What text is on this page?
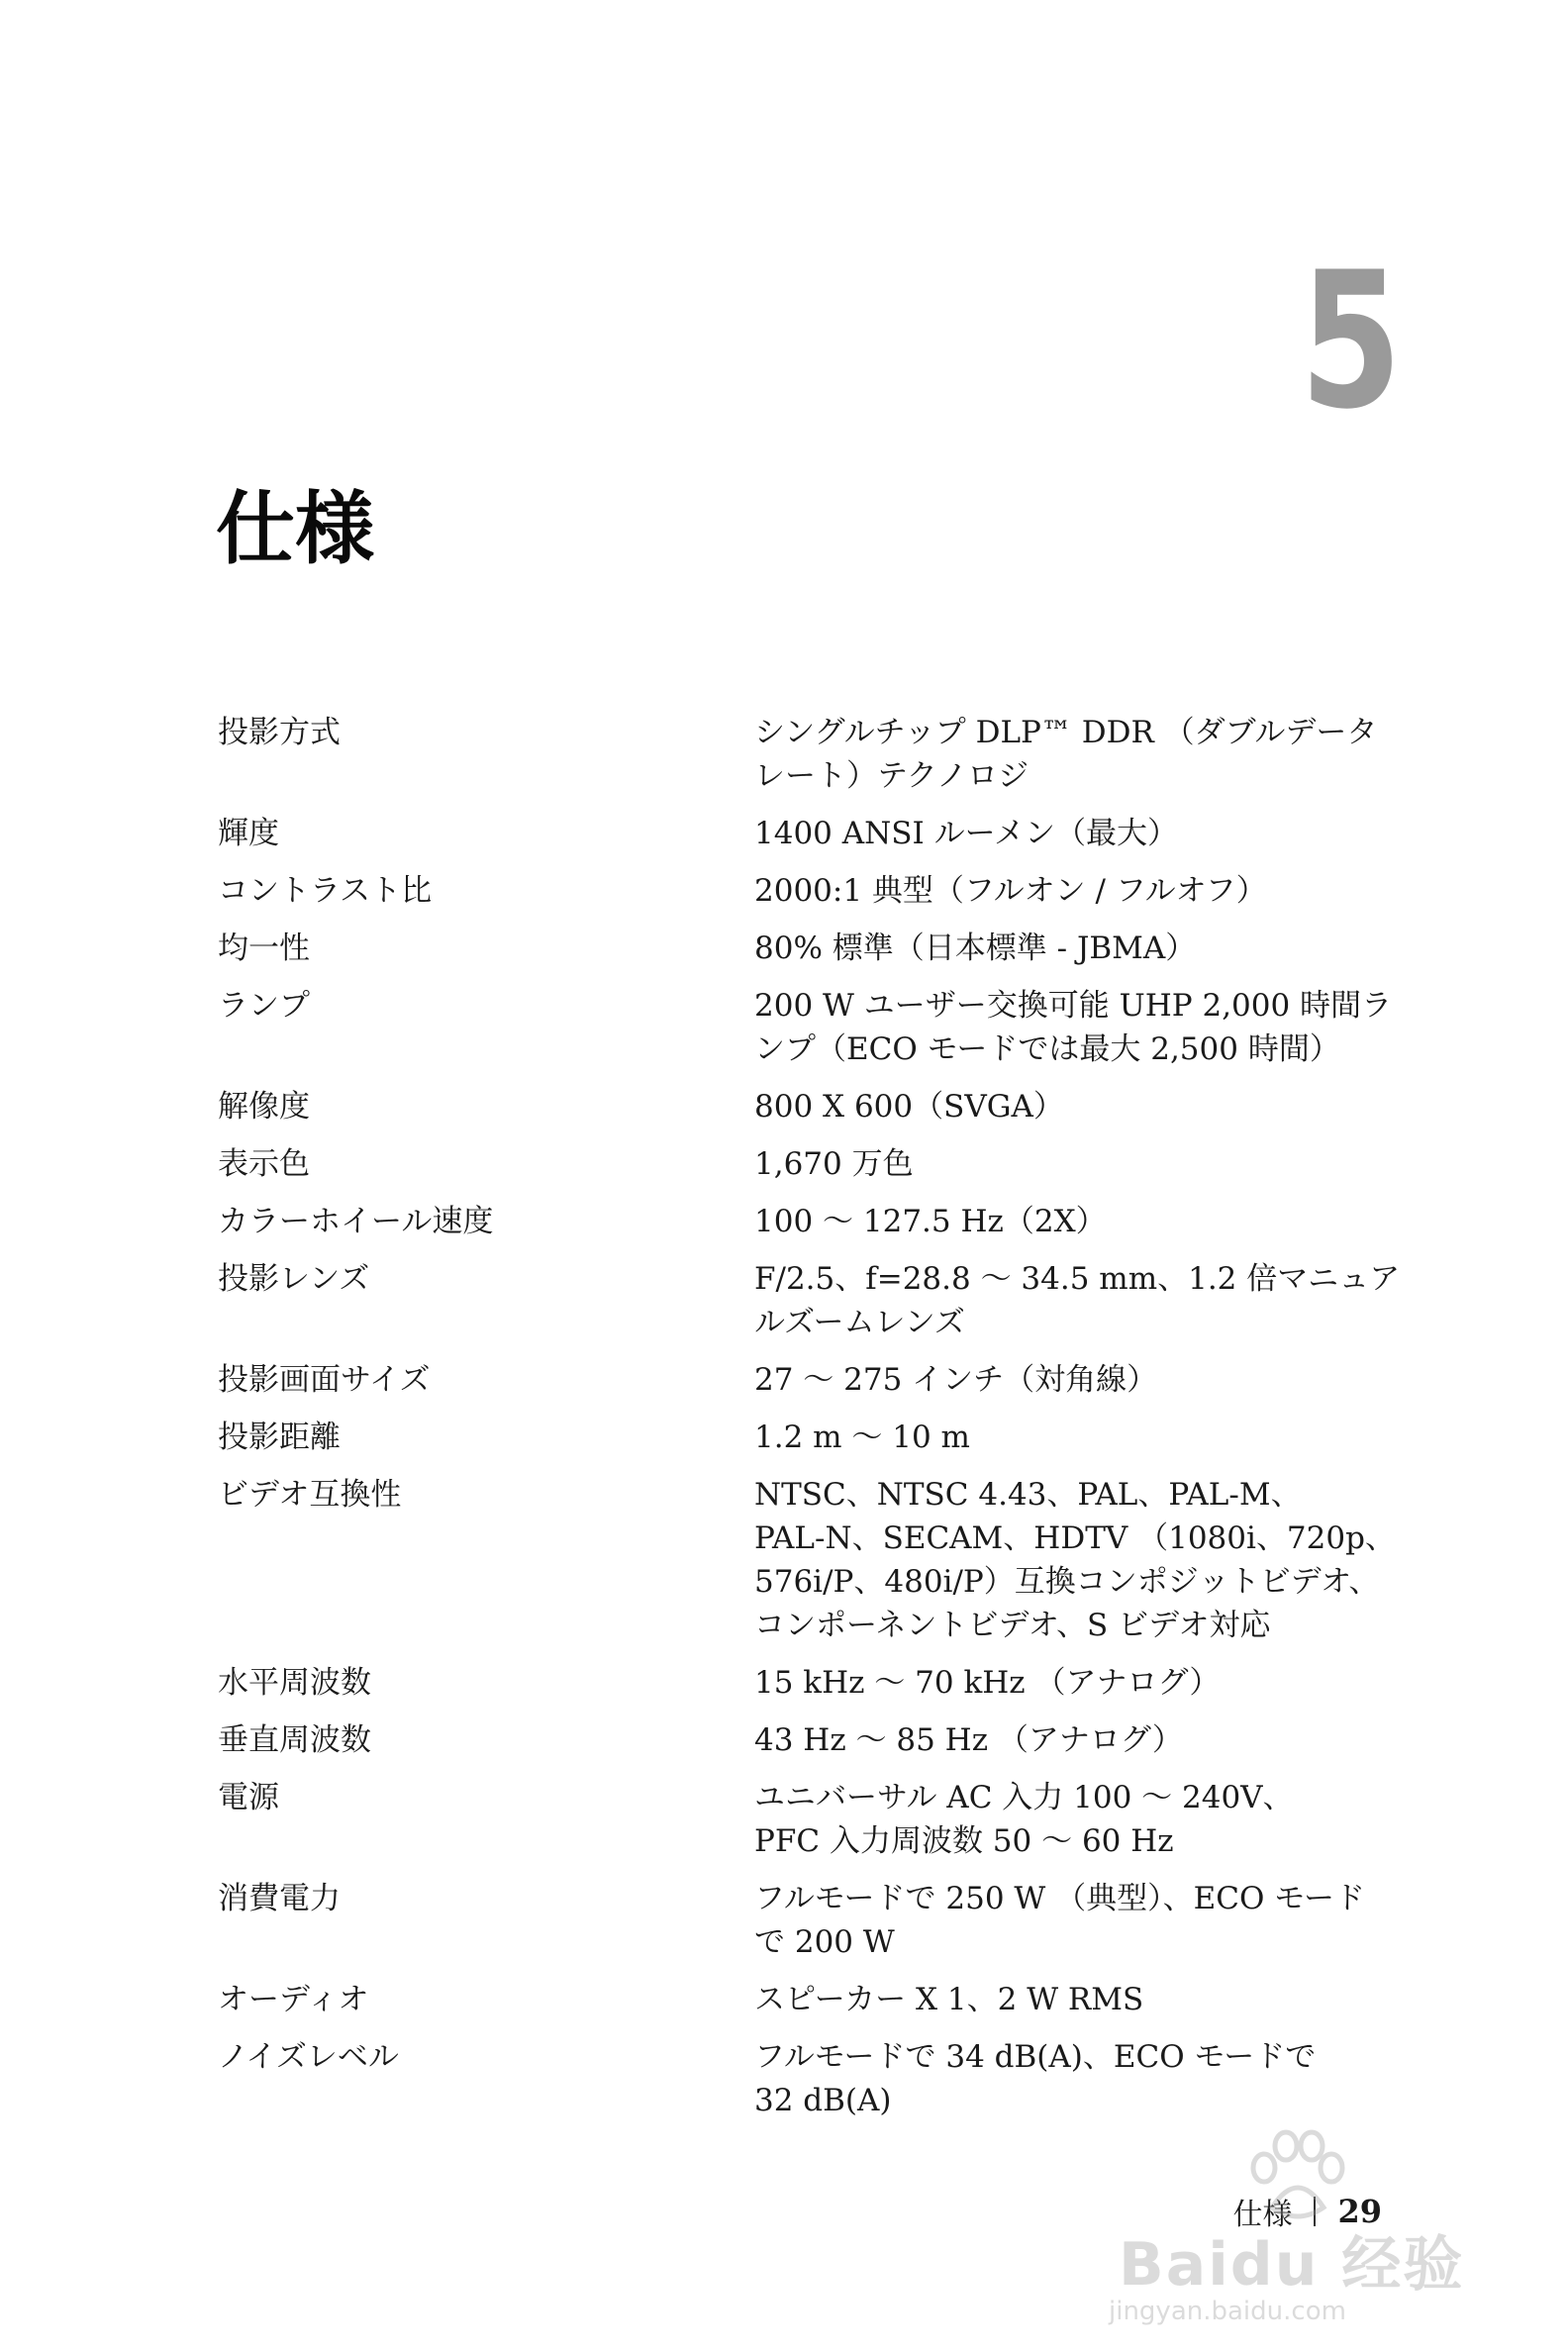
5
仕様
投影方式	シングルチップ DLP™ DDR （ダブルデータ
レート）テクノロジ
輝度	1400 ANSI ルーメン（最大）
コントラスト比	2000:1 典型（フルオン / フルオフ）
均一性	80% 標準（日本標準 - JBMA）
ランプ	200 W ユーザー交換可能 UHP 2,000 時間ラ
ンプ（ECO モードでは最大 2,500 時間）
解像度	800 X 600（SVGA）
表示色	1,670 万色
カラーホイール速度	100 ～ 127.5 Hz（2X）
投影レンズ	F/2.5、f=28.8 ～ 34.5 mm、1.2 倍マニュア
ルズームレンズ
投影画面サイズ	27 ～ 275 インチ（対角線）
投影距離	1.2 m ～ 10 m
ビデオ互換性	NTSC、NTSC 4.43、PAL、PAL-M、
PAL-N、SECAM、HDTV （1080i、720p、
576i/P、480i/P）互換コンポジットビデオ、
コンポーネントビデオ、S ビデオ対応
水平周波数	15 kHz ～ 70 kHz （アナログ）
垂直周波数	43 Hz ～ 85 Hz （アナログ）
電源	ユニバーサル AC 入力 100 ～ 240V、
PFC 入力周波数 50 ～ 60 Hz
消費電力	フルモードで 250 W （典型）、ECO モード
で 200 W
オーディオ	スピーカー X 1、2 W RMS
ノイズレベル	フルモードで 34 dB(A)、ECO モードで
32 dB(A)
仕様 29
Baidu 经验
jingyan.baidu.com
